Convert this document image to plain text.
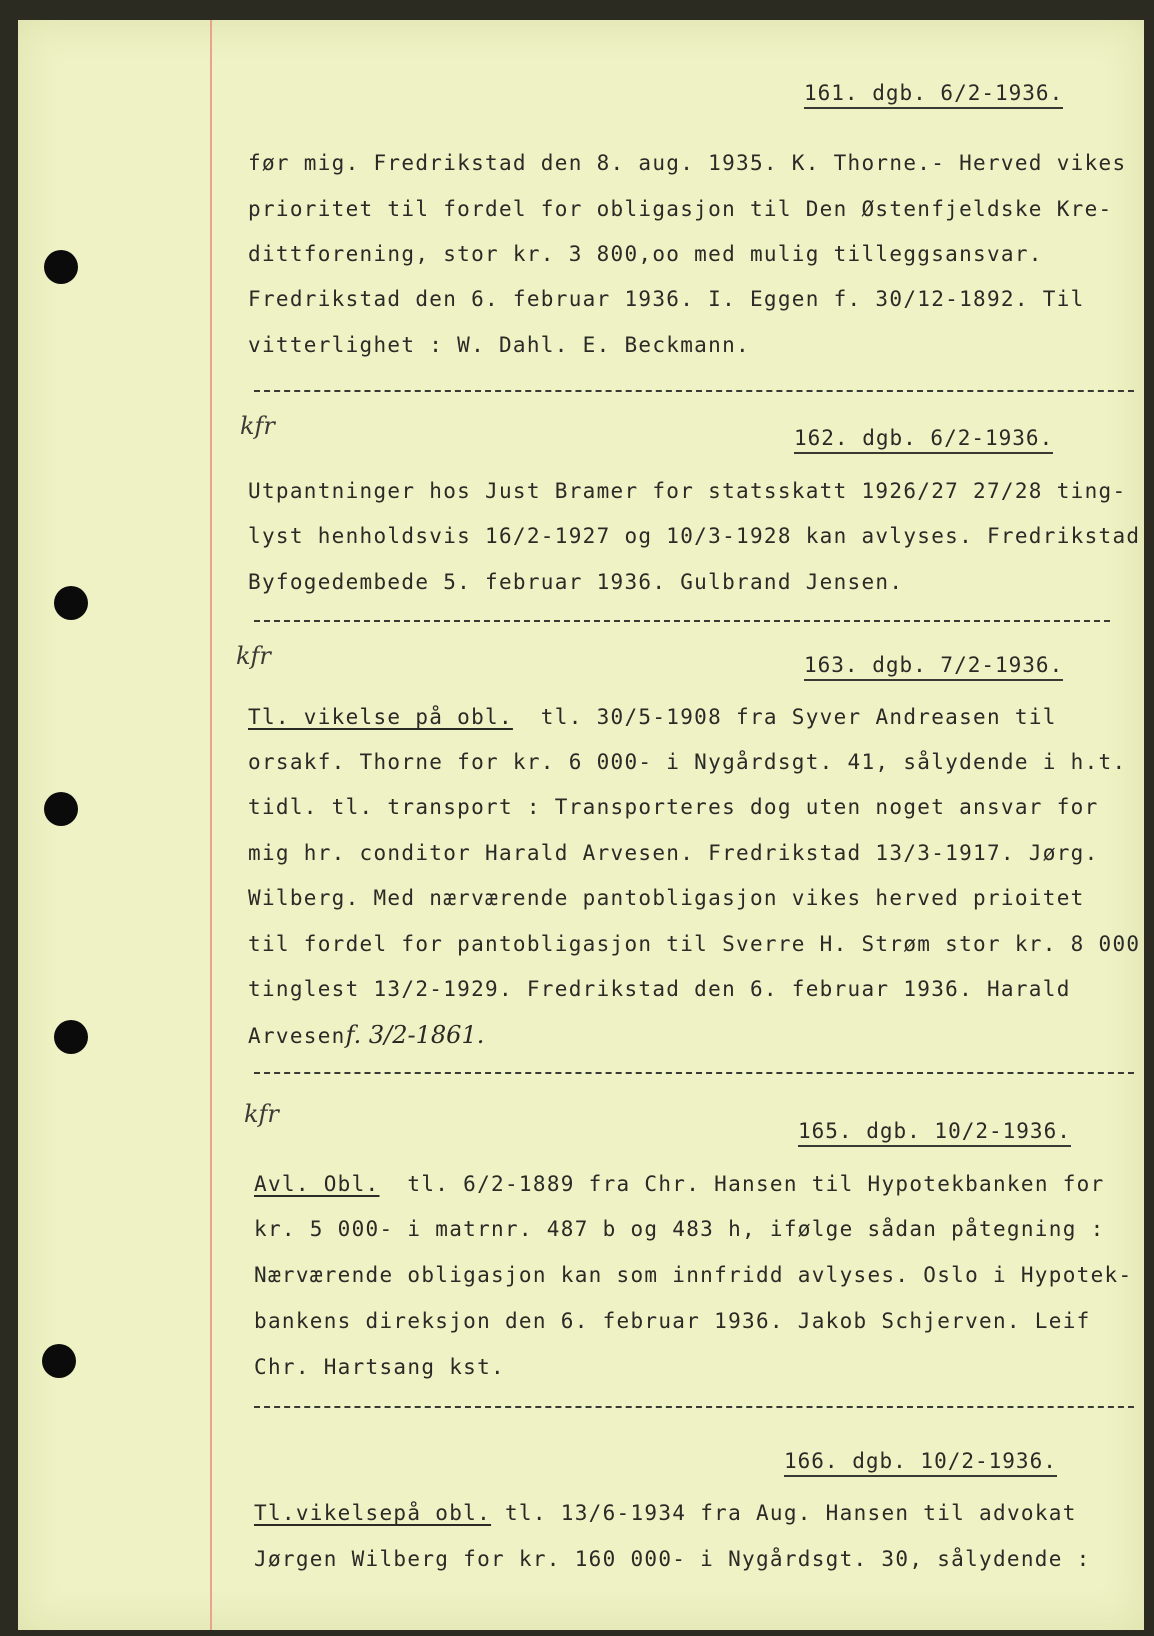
161. dgb. 6/2-1936.
før mig. Fredrikstad den 8. aug. 1935. K. Thorne.- Herved vikes
prioritet til fordel for obligasjon til Den Østenfjeldske Kre-
dittforening, stor kr. 3 800,oo med mulig tilleggsansvar.
Fredrikstad den 6. februar 1936. I. Eggen f. 30/12-1892. Til
vitterlighet : W. Dahl. E. Beckmann.
kfr	162. dgb. 6/2-1936.
Utpantninger hos Just Bramer for statsskatt 1926/27 27/28 ting-
lyst henholdsvis 16/2-1927 og 10/3-1928 kan avlyses. Fredrikstad
Byfogedembede 5. februar 1936. Gulbrand Jensen.
kfr	163. dgb. 7/2-1936.
Tl. vikelse på obl.  tl. 30/5-1908 fra Syver Andreasen til
orsakf. Thorne for kr. 6 000- i Nygårdsgt. 41, sålydende i h.t.
tidl. tl. transport : Transporteres dog uten noget ansvar for
mig hr. conditor Harald Arvesen. Fredrikstad 13/3-1917. Jørg.
Wilberg. Med nærværende pantobligasjon vikes herved prioitet
til fordel for pantobligasjon til Sverre H. Strøm stor kr. 8 000-
tinglest 13/2-1929. Fredrikstad den 6. februar 1936. Harald
Arvesenf. 3/2-1861.
kfr
165. dgb. 10/2-1936.
Avl. Obl.  tl. 6/2-1889 fra Chr. Hansen til Hypotekbanken for
kr. 5 000- i matrnr. 487 b og 483 h, ifølge sådan påtegning :
Nærværende obligasjon kan som innfridd avlyses. Oslo i Hypotek-
bankens direksjon den 6. februar 1936. Jakob Schjerven. Leif
Chr. Hartsang kst.
166. dgb. 10/2-1936.
Tl.vikelsepå obl. tl. 13/6-1934 fra Aug. Hansen til advokat
Jørgen Wilberg for kr. 160 000- i Nygårdsgt. 30, sålydende :
